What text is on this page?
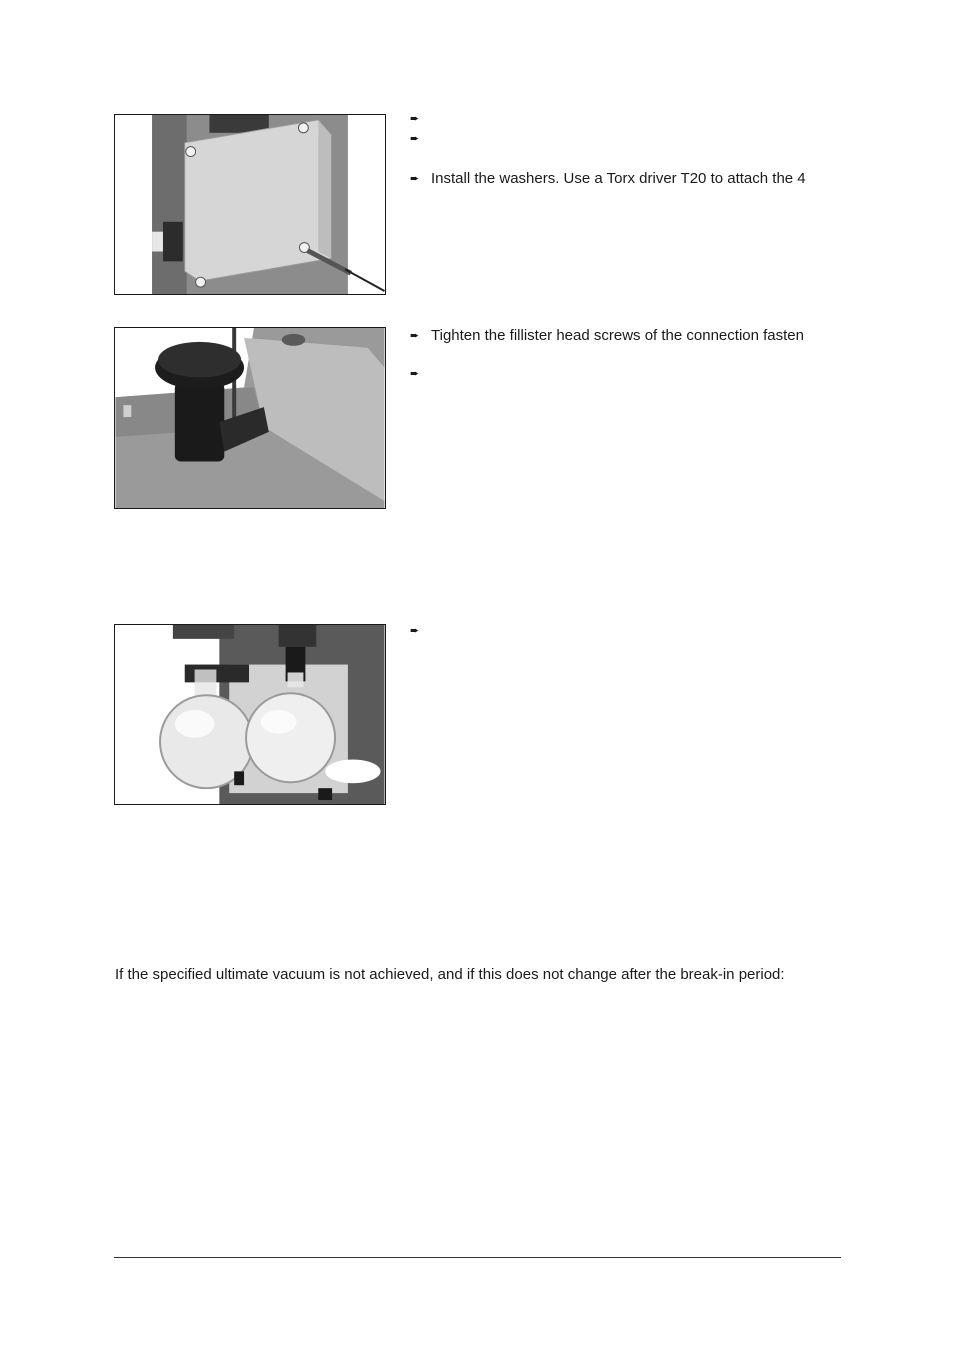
➨
➨
➨ Install the washers. Use a Torx driver T20 to attach the 4
➨ Tighten the fillister head screws of the connection fasten
➨
➨
If the specified ultimate vacuum is not achieved, and if this does not change after the break-in period:
